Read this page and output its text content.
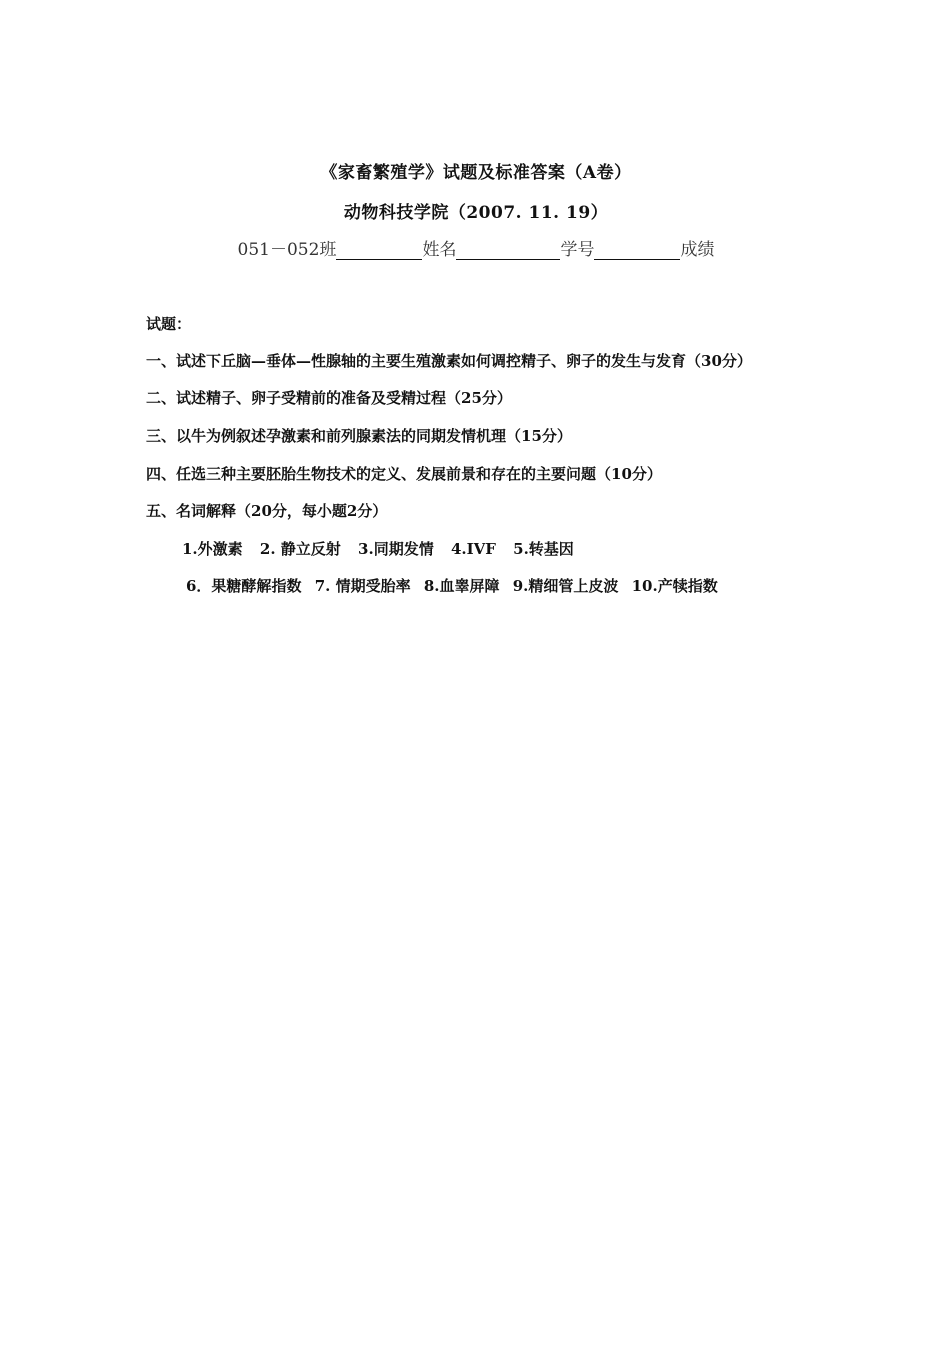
《家畜繁殖学》试题及标准答案（A卷）
动物科技学院（2007. 11. 19）
051－052班	姓名	学号	成绩
试题：
一、试述下丘脑—垂体—性腺轴的主要生殖激素如何调控精子、卵子的发生与发育（30分）
二、试述精子、卵子受精前的准备及受精过程（25分）
三、以牛为例叙述孕激素和前列腺素法的同期发情机理（15分）
四、任选三种主要胚胎生物技术的定义、发展前景和存在的主要问题（10分）
五、名词解释（20分，每小题2分）
1.外激素 2. 静立反射 3.同期发情 4.IVF 5.转基因
6．果糖酵解指数 7. 情期受胎率 8.血睾屏障 9.精细管上皮波 10.产犊指数
